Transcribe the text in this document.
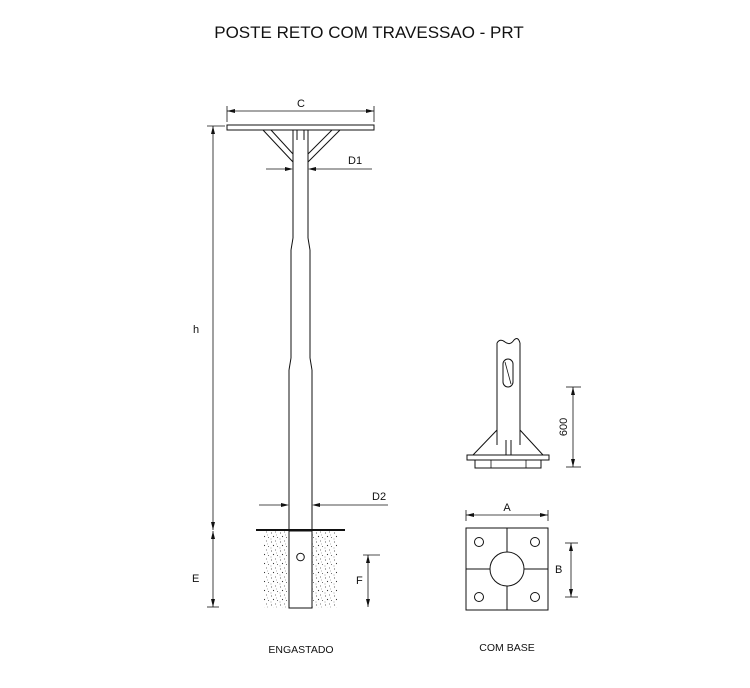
POSTE RETO COM TRAVESSAO - PRT
C
D1
h
E
D2
F
ENGASTADO
600
A
B
COM BASE
